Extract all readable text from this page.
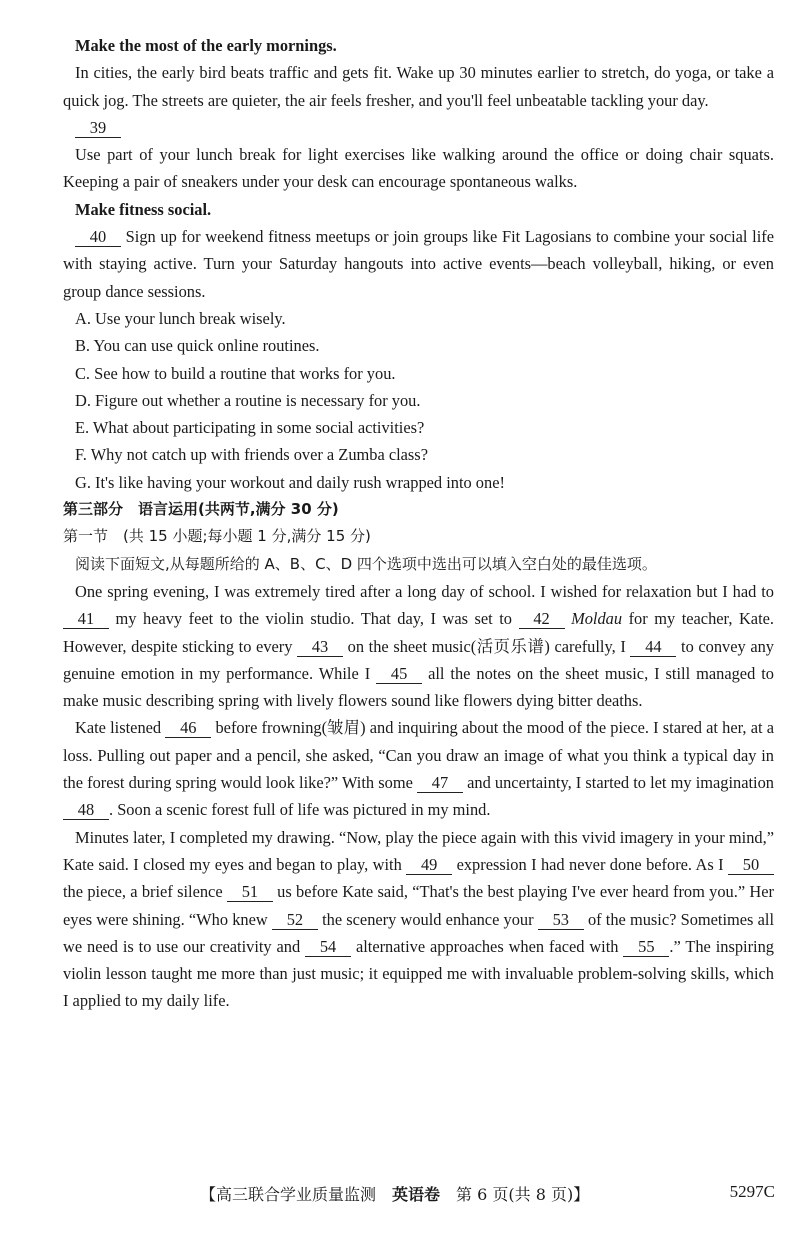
Make the most of the early mornings.

In cities, the early bird beats traffic and gets fit. Wake up 30 minutes earlier to stretch, do yoga, or take a quick jog. The streets are quieter, the air feels fresher, and you'll feel unbeatable tackling your day.

39

Use part of your lunch break for light exercises like walking around the office or doing chair squats. Keeping a pair of sneakers under your desk can encourage spontaneous walks.

Make fitness social.

40 Sign up for weekend fitness meetups or join groups like Fit Lagosians to combine your social life with staying active. Turn your Saturday hangouts into active events—beach volleyball, hiking, or even group dance sessions.

A. Use your lunch break wisely.
B. You can use quick online routines.
C. See how to build a routine that works for you.
D. Figure out whether a routine is necessary for you.
E. What about participating in some social activities?
F. Why not catch up with friends over a Zumba class?
G. It's like having your workout and daily rush wrapped into one!
第三部分　语言运用(共两节,满分 30 分)
第一节　(共 15 小题;每小题 1 分,满分 15 分)
阅读下面短文,从每题所给的 A、B、C、D 四个选项中选出可以填入空白处的最佳选项。

One spring evening, I was extremely tired after a long day of school. I wished for relaxation but I had to 41 my heavy feet to the violin studio. That day, I was set to 42 Moldau for my teacher, Kate. However, despite sticking to every 43 on the sheet music(活页乐谱) carefully, I 44 to convey any genuine emotion in my performance. While I 45 all the notes on the sheet music, I still managed to make music describing spring with lively flowers sound like flowers dying bitter deaths.

Kate listened 46 before frowning(皱眉) and inquiring about the mood of the piece. I stared at her, at a loss. Pulling out paper and a pencil, she asked, “Can you draw an image of what you think a typical day in the forest during spring would look like?” With some 47 and uncertainty, I started to let my imagination 48 . Soon a scenic forest full of life was pictured in my mind.

Minutes later, I completed my drawing. “Now, play the piece again with this vivid imagery in your mind,” Kate said. I closed my eyes and began to play, with 49 expression I had never done before. As I 50 the piece, a brief silence 51 us before Kate said, “That's the best playing I've ever heard from you.” Her eyes were shining. “Who knew 52 the scenery would enhance your 53 of the music? Sometimes all we need is to use our creativity and 54 alternative approaches when faced with 55 .” The inspiring violin lesson taught me more than just music; it equipped me with invaluable problem-solving skills, which I applied to my daily life.

【高三联合学业质量监测　英语卷　第 6 页(共 8 页)】	5297C
